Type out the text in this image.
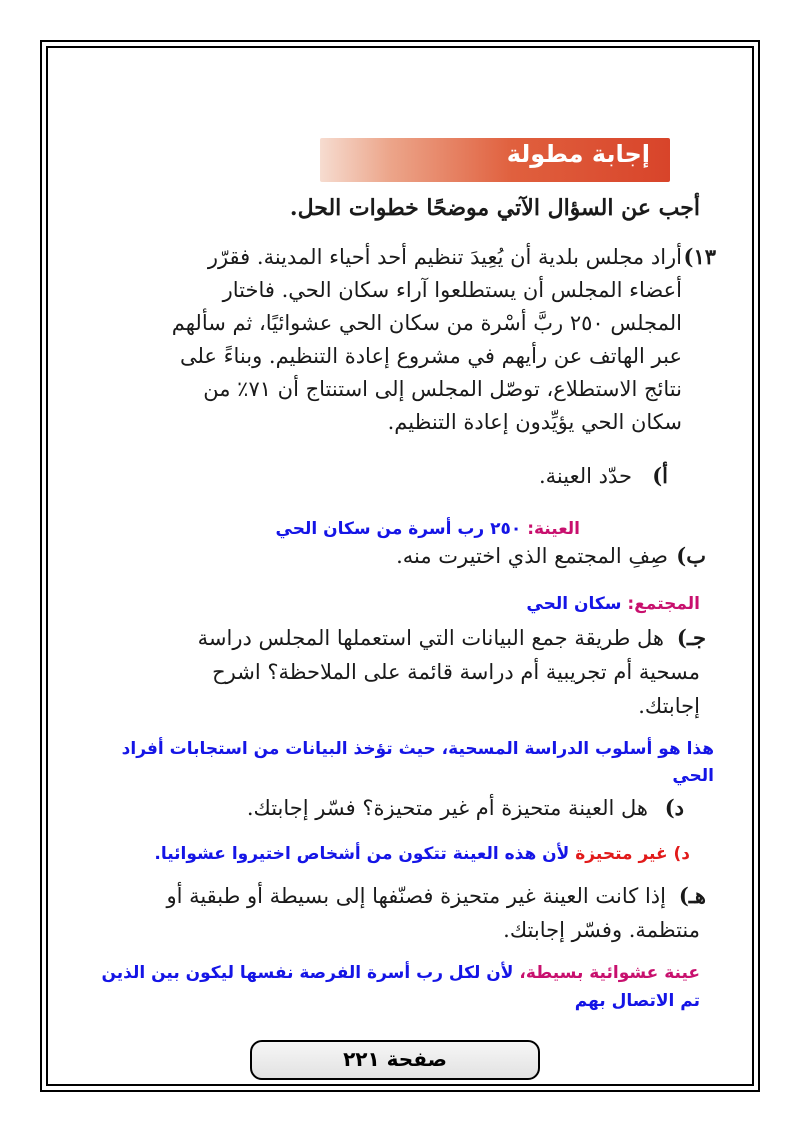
إجابة مطولة
أجب عن السؤال الآتي موضحًا خطوات الحل.
١٣)
أراد مجلس بلدية أن يُعِيدَ تنظيم أحد أحياء المدينة. فقرّر
أعضاء المجلس أن يستطلعوا آراء سكان الحي. فاختار
المجلس ٢٥٠ ربَّ أسْرة من سكان الحي عشوائيًا، ثم سألهم
عبر الهاتف عن رأيهم في مشروع إعادة التنظيم. وبناءً على
نتائج الاستطلاع، توصّل المجلس إلى استنتاج أن ٧١٪ من
سكان الحي يؤيِّدون إعادة التنظيم.
أ)
حدّد العينة.
العينة: ٢٥٠ رب أسرة من سكان الحي
ب)
صِفِ المجتمع الذي اختيرت منه.
المجتمع: سكان الحي
جـ)
هل طريقة جمع البيانات التي استعملها المجلس دراسة
مسحية أم تجريبية أم دراسة قائمة على الملاحظة؟ اشرح
إجابتك.
هذا هو أسلوب الدراسة المسحية، حيث تؤخذ البيانات من استجابات أفراد
الحي
د)
هل العينة متحيزة أم غير متحيزة؟ فسّر إجابتك.
د) غير متحيزة لأن هذه العينة تتكون من أشخاص اختيروا عشوائيا.
هـ)
إذا كانت العينة غير متحيزة فصنّفها إلى بسيطة أو طبقية أو
منتظمة. وفسّر إجابتك.
عينة عشوائية بسيطة، لأن لكل رب أسرة الفرصة نفسها ليكون بين الذين
تم الاتصال بهم
صفحة ٢٢١
